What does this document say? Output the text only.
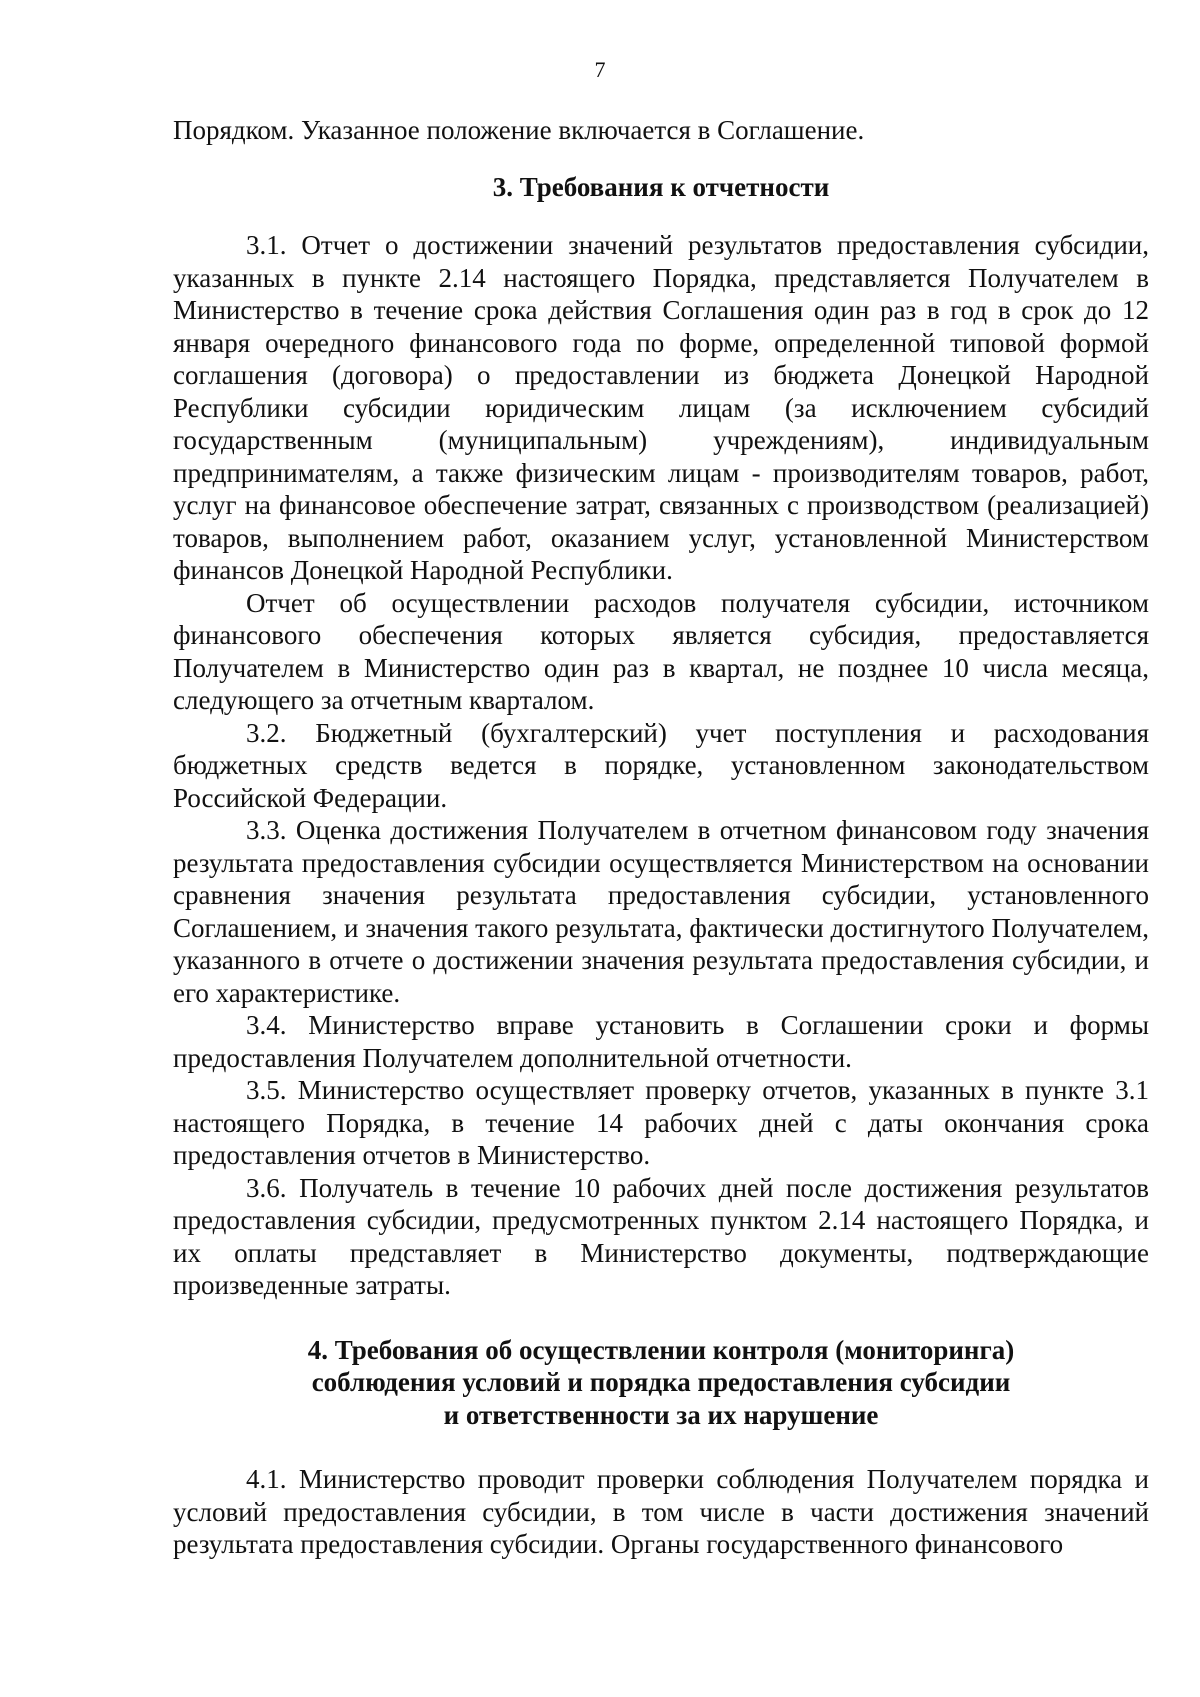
7

Порядком. Указанное положение включается в Соглашение.

3. Требования к отчетности

3.1. Отчет о достижении значений результатов предоставления субсидии, указанных в пункте 2.14 настоящего Порядка, представляется Получателем в Министерство в течение срока действия Соглашения один раз в год в срок до 12 января очередного финансового года по форме, определенной типовой формой соглашения (договора) о предоставлении из бюджета Донецкой Народной Республики субсидии юридическим лицам (за исключением субсидий государственным (муниципальным) учреждениям), индивидуальным предпринимателям, а также физическим лицам - производителям товаров, работ, услуг на финансовое обеспечение затрат, связанных с производством (реализацией) товаров, выполнением работ, оказанием услуг, установленной Министерством финансов Донецкой Народной Республики.

Отчет об осуществлении расходов получателя субсидии, источником финансового обеспечения которых является субсидия, предоставляется Получателем в Министерство один раз в квартал, не позднее 10 числа месяца, следующего за отчетным кварталом.

3.2. Бюджетный (бухгалтерский) учет поступления и расходования бюджетных средств ведется в порядке, установленном законодательством Российской Федерации.

3.3. Оценка достижения Получателем в отчетном финансовом году значения результата предоставления субсидии осуществляется Министерством на основании сравнения значения результата предоставления субсидии, установленного Соглашением, и значения такого результата, фактически достигнутого Получателем, указанного в отчете о достижении значения результата предоставления субсидии, и его характеристике.

3.4. Министерство вправе установить в Соглашении сроки и формы предоставления Получателем дополнительной отчетности.

3.5. Министерство осуществляет проверку отчетов, указанных в пункте 3.1 настоящего Порядка, в течение 14 рабочих дней с даты окончания срока предоставления отчетов в Министерство.

3.6. Получатель в течение 10 рабочих дней после достижения результатов предоставления субсидии, предусмотренных пунктом 2.14 настоящего Порядка, и их оплаты представляет в Министерство документы, подтверждающие произведенные затраты.

4. Требования об осуществлении контроля (мониторинга)

соблюдения условий и порядка предоставления субсидии

и ответственности за их нарушение

4.1. Министерство проводит проверки соблюдения Получателем порядка и условий предоставления субсидии, в том числе в части достижения значений результата предоставления субсидии. Органы государственного финансового
